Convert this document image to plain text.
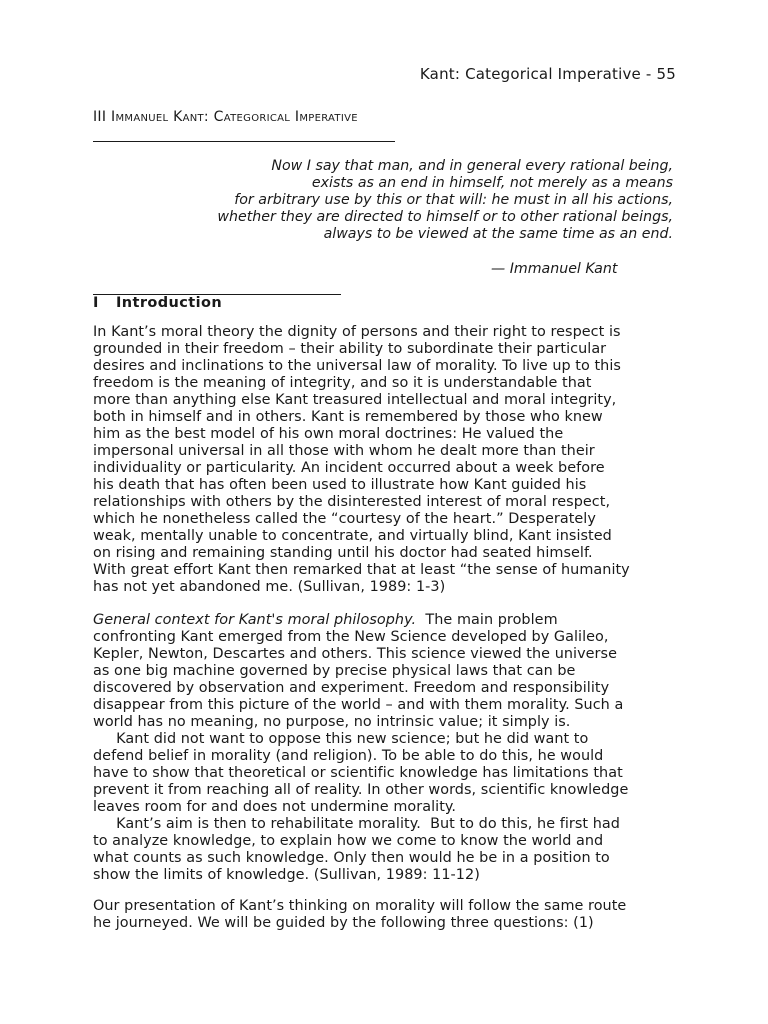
Kant: Categorical Imperative - 55
III Immanuel Kant: Categorical Imperative
Now I say that man, and in general every rational being,
exists as an end in himself, not merely as a means
for arbitrary use by this or that will: he must in all his actions,
whether they are directed to himself or to other rational beings,
always to be viewed at the same time as an end.
— Immanuel Kant
I Introduction
In Kant’s moral theory the dignity of persons and their right to respect is
grounded in their freedom – their ability to subordinate their particular
desires and inclinations to the universal law of morality. To live up to this
freedom is the meaning of integrity, and so it is understandable that
more than anything else Kant treasured intellectual and moral integrity,
both in himself and in others. Kant is remembered by those who knew
him as the best model of his own moral doctrines: He valued the
impersonal universal in all those with whom he dealt more than their
individuality or particularity. An incident occurred about a week before
his death that has often been used to illustrate how Kant guided his
relationships with others by the disinterested interest of moral respect,
which he nonetheless called the “courtesy of the heart.” Desperately
weak, mentally unable to concentrate, and virtually blind, Kant insisted
on rising and remaining standing until his doctor had seated himself.
With great effort Kant then remarked that at least “the sense of humanity
has not yet abandoned me. (Sullivan, 1989: 1-3)
General context for Kant's moral philosophy.  The main problem
confronting Kant emerged from the New Science developed by Galileo,
Kepler, Newton, Descartes and others. This science viewed the universe
as one big machine governed by precise physical laws that can be
discovered by observation and experiment. Freedom and responsibility
disappear from this picture of the world – and with them morality. Such a
world has no meaning, no purpose, no intrinsic value; it simply is.
Kant did not want to oppose this new science; but he did want to
defend belief in morality (and religion). To be able to do this, he would
have to show that theoretical or scientific knowledge has limitations that
prevent it from reaching all of reality. In other words, scientific knowledge
leaves room for and does not undermine morality.
Kant’s aim is then to rehabilitate morality.  But to do this, he first had
to analyze knowledge, to explain how we come to know the world and
what counts as such knowledge. Only then would he be in a position to
show the limits of knowledge. (Sullivan, 1989: 11-12)
Our presentation of Kant’s thinking on morality will follow the same route
he journeyed. We will be guided by the following three questions: (1)
